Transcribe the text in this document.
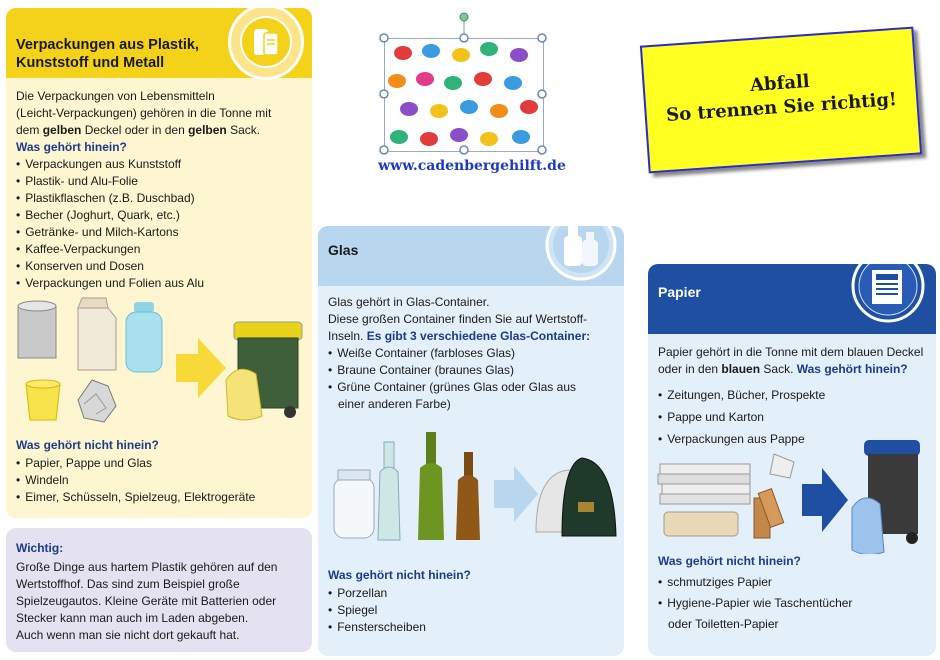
Verpackungen aus Plastik,
Kunststoff und Metall
Die Verpackungen von Lebensmitteln
(Leicht-Verpackungen) gehören in die Tonne mit
dem gelben Deckel oder in den gelben Sack.
Was gehört hinein?
• Verpackungen aus Kunststoff
• Plastik- und Alu-Folie
• Plastikflaschen (z.B. Duschbad)
• Becher (Joghurt, Quark, etc.)
• Getränke- und Milch-Kartons
• Kaffee-Verpackungen
• Konserven und Dosen
• Verpackungen und Folien aus Alu
Was gehört nicht hinein?
• Papier, Pappe und Glas
• Windeln
• Eimer, Schüsseln, Spielzeug, Elektrogeräte
Wichtig:
Große Dinge aus hartem Plastik gehören auf den
Wertstoffhof. Das sind zum Beispiel große
Spielzeugautos. Kleine Geräte mit Batterien oder
Stecker kann man auch im Laden abgeben.
Auch wenn man sie nicht dort gekauft hat.
www.cadenbergehilft.de
Abfall
So trennen Sie richtig!
Glas
Glas gehört in Glas-Container.
Diese großen Container finden Sie auf Wertstoff-
Inseln. Es gibt 3 verschiedene Glas-Container:
• Weiße Container (farbloses Glas)
• Braune Container (braunes Glas)
• Grüne Container (grünes Glas oder Glas aus
einer anderen Farbe)
Was gehört nicht hinein?
• Porzellan
• Spiegel
• Fensterscheiben
Papier
Papier gehört in die Tonne mit dem blauen Deckel
oder in den blauen Sack. Was gehört hinein?
• Zeitungen, Bücher, Prospekte
• Pappe und Karton
• Verpackungen aus Pappe
Was gehört nicht hinein?
• schmutziges Papier
• Hygiene-Papier wie Taschentücher
oder Toiletten-Papier
